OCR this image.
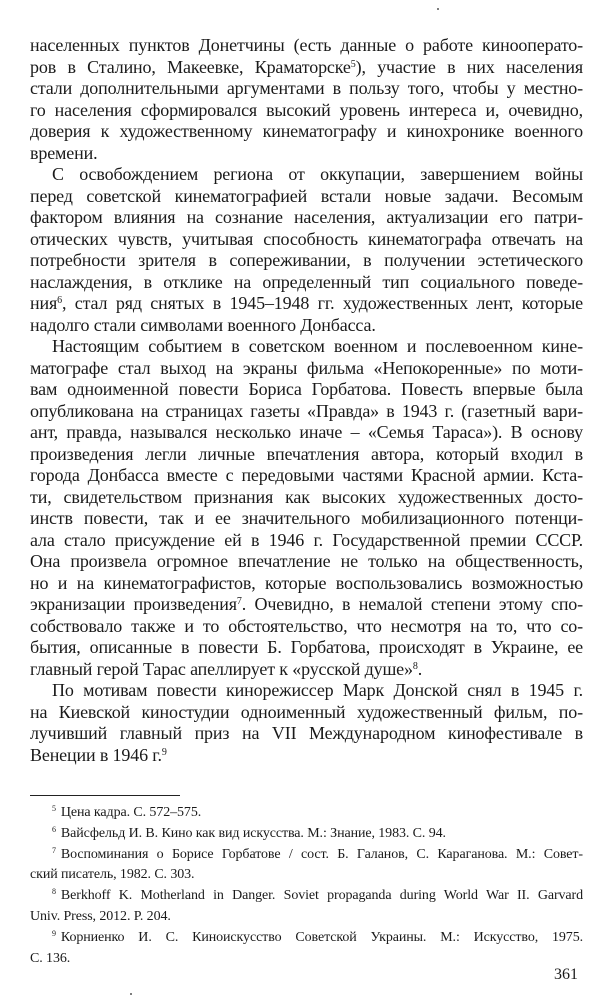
населенных пунктов Донетчины (есть данные о работе кинооперато-
ров в Сталино, Макеевке, Краматорске$^5$), участие в них населения
стали дополнительными аргументами в пользу того, чтобы у местно-
го населения сформировался высокий уровень интереса и, очевидно,
доверия к художественному кинематографу и кинохронике военного
времени.
С освобождением региона от оккупации, завершением войны
перед советской кинематографией встали новые задачи. Весомым
фактором влияния на сознание населения, актуализации его патри-
отических чувств, учитывая способность кинематографа отвечать на
потребности зрителя в сопереживании, в получении эстетического
наслаждения, в отклике на определенный тип социального поведе-
ния$^6$, стал ряд снятых в 1945–1948 гг. художественных лент, которые
надолго стали символами военного Донбасса.
Настоящим событием в советском военном и послевоенном кине-
матографе стал выход на экраны фильма «Непокоренные» по моти-
вам одноименной повести Бориса Горбатова. Повесть впервые была
опубликована на страницах газеты «Правда» в 1943 г. (газетный вари-
ант, правда, назывался несколько иначе – «Семья Тараса»). В основу
произведения легли личные впечатления автора, который входил в
города Донбасса вместе с передовыми частями Красной армии. Кста-
ти, свидетельством признания как высоких художественных досто-
инств повести, так и ее значительного мобилизационного потенци-
ала стало присуждение ей в 1946 г. Государственной премии СССР.
Она произвела огромное впечатление не только на общественность,
но и на кинематографистов, которые воспользовались возможностью
экранизации произведения$^7$. Очевидно, в немалой степени этому спо-
собствовало также и то обстоятельство, что несмотря на то, что со-
бытия, описанные в повести Б. Горбатова, происходят в Украине, ее
главный герой Тарас апеллирует к «русской душе»$^8$.
По мотивам повести кинорежиссер Марк Донской снял в 1945 г.
на Киевской киностудии одноименный художественный фильм, по-
лучивший главный приз на VII Международном кинофестивале в
Венеции в 1946 г.$^9$
$^5$ Цена кадра. С. 572–575.
$^6$ Вайсфельд И. В. Кино как вид искусства. М.: Знание, 1983. С. 94.
$^7$ Воспоминания о Борисе Горбатове / сост. Б. Галанов, С. Караганова. М.: Совет-
ский писатель, 1982. С. 303.
$^8$ Berkhoff K. Motherland in Danger. Soviet propaganda during World War II. Garvard
Univ. Press, 2012. P. 204.
$^9$ Корниенко И. С. Киноискусство Советской Украины. М.: Искусство, 1975.
С. 136.
361
